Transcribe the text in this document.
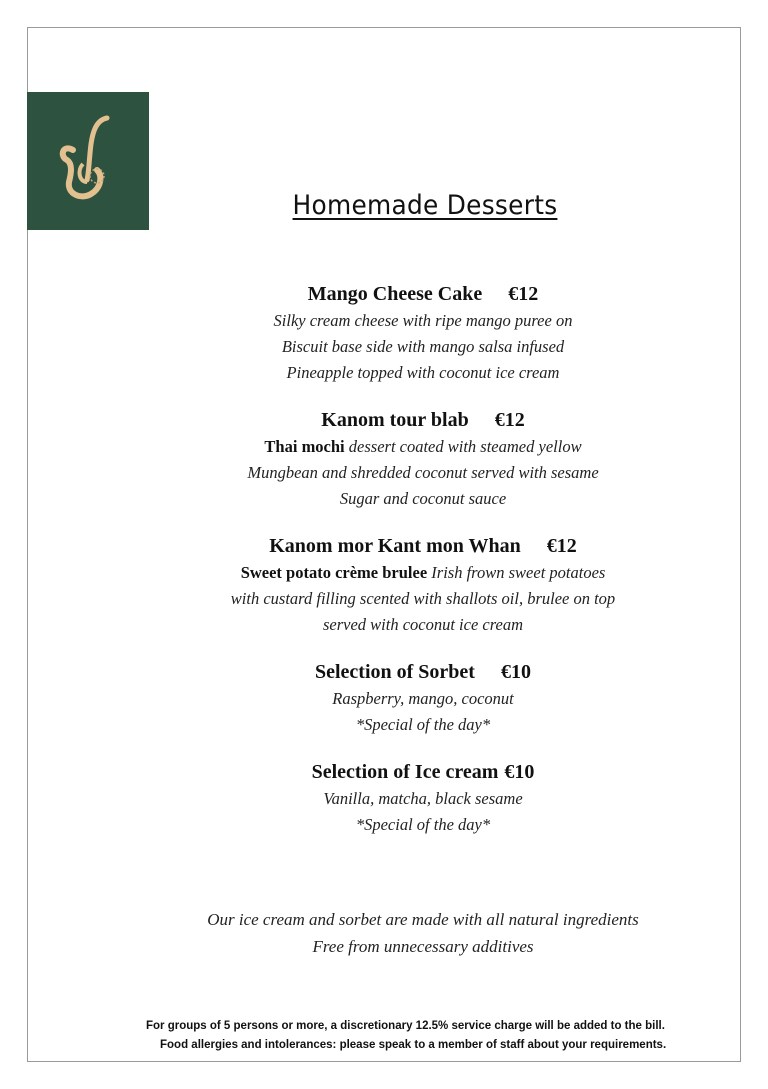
Homemade Desserts
Mango Cheese Cake €12
Silky cream cheese with ripe mango puree on
Biscuit base side with mango salsa infused
Pineapple topped with coconut ice cream
Kanom tour blab €12
Thai mochi dessert coated with steamed yellow
Mungbean and shredded coconut served with sesame
Sugar and coconut sauce
Kanom mor Kant mon Whan €12
Sweet potato crème brulee Irish frown sweet potatoes
with custard filling scented with shallots oil, brulee on top
served with coconut ice cream
Selection of Sorbet €10
Raspberry, mango, coconut
*Special of the day*
Selection of Ice cream €10
Vanilla, matcha, black sesame
*Special of the day*
Our ice cream and sorbet are made with all natural ingredients
Free from unnecessary additives
For groups of 5 persons or more, a discretionary 12.5% service charge will be added to the bill.
Food allergies and intolerances: please speak to a member of staff about your requirements.
